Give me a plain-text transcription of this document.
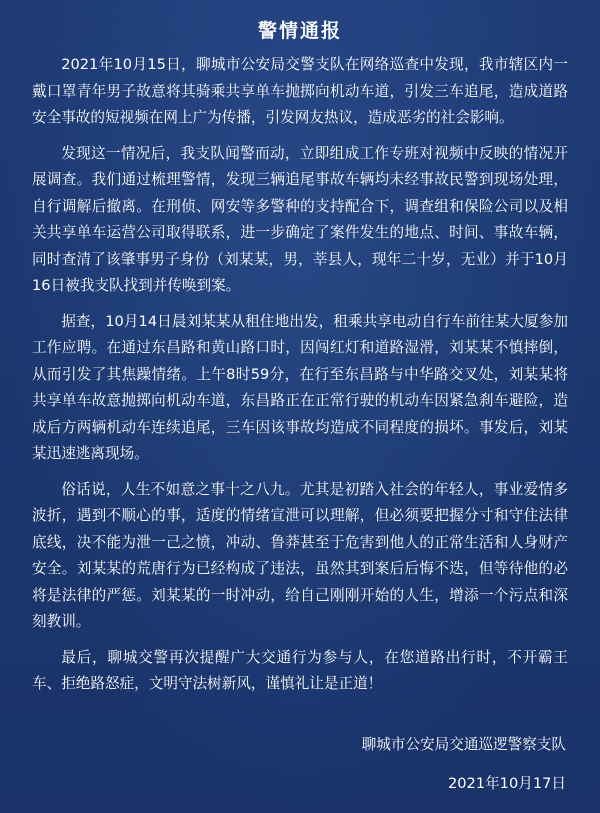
警情通报

2021年10月15日，聊城市公安局交警支队在网络巡查中发现，我市辖区内一戴口罩青年男子故意将其骑乘共享单车抛掷向机动车道，引发三车追尾，造成道路安全事故的短视频在网上广为传播，引发网友热议，造成恶劣的社会影响。

发现这一情况后，我支队闻警而动，立即组成工作专班对视频中反映的情况开展调查。我们通过梳理警情，发现三辆追尾事故车辆均未经事故民警到现场处理，自行调解后撤离。在刑侦、网安等多警种的支持配合下，调查组和保险公司以及相关共享单车运营公司取得联系，进一步确定了案件发生的地点、时间、事故车辆，同时查清了该肇事男子身份（刘某某，男，莘县人，现年二十岁，无业）并于10月16日被我支队找到并传唤到案。

据查，10月14日晨刘某某从租住地出发，租乘共享电动自行车前往某大厦参加工作应聘。在通过东昌路和黄山路口时，因闯红灯和道路湿滑，刘某某不慎摔倒，从而引发了其焦躁情绪。上午8时59分，在行至东昌路与中华路交叉处，刘某某将共享单车故意抛掷向机动车道，东昌路正在正常行驶的机动车因紧急刹车避险，造成后方两辆机动车连续追尾，三车因该事故均造成不同程度的损坏。事发后，刘某某迅速逃离现场。

俗话说，人生不如意之事十之八九。尤其是初踏入社会的年轻人，事业爱情多波折，遇到不顺心的事，适度的情绪宣泄可以理解，但必须要把握分寸和守住法律底线，决不能为泄一己之愤，冲动、鲁莽甚至于危害到他人的正常生活和人身财产安全。刘某某的荒唐行为已经构成了违法，虽然其到案后后悔不迭，但等待他的必将是法律的严惩。刘某某的一时冲动，给自己刚刚开始的人生，增添一个污点和深刻教训。

最后，聊城交警再次提醒广大交通行为参与人，在您道路出行时，不开霸王车、拒绝路怒症，文明守法树新风，谨慎礼让是正道！

聊城市公安局交通巡逻警察支队
2021年10月17日
